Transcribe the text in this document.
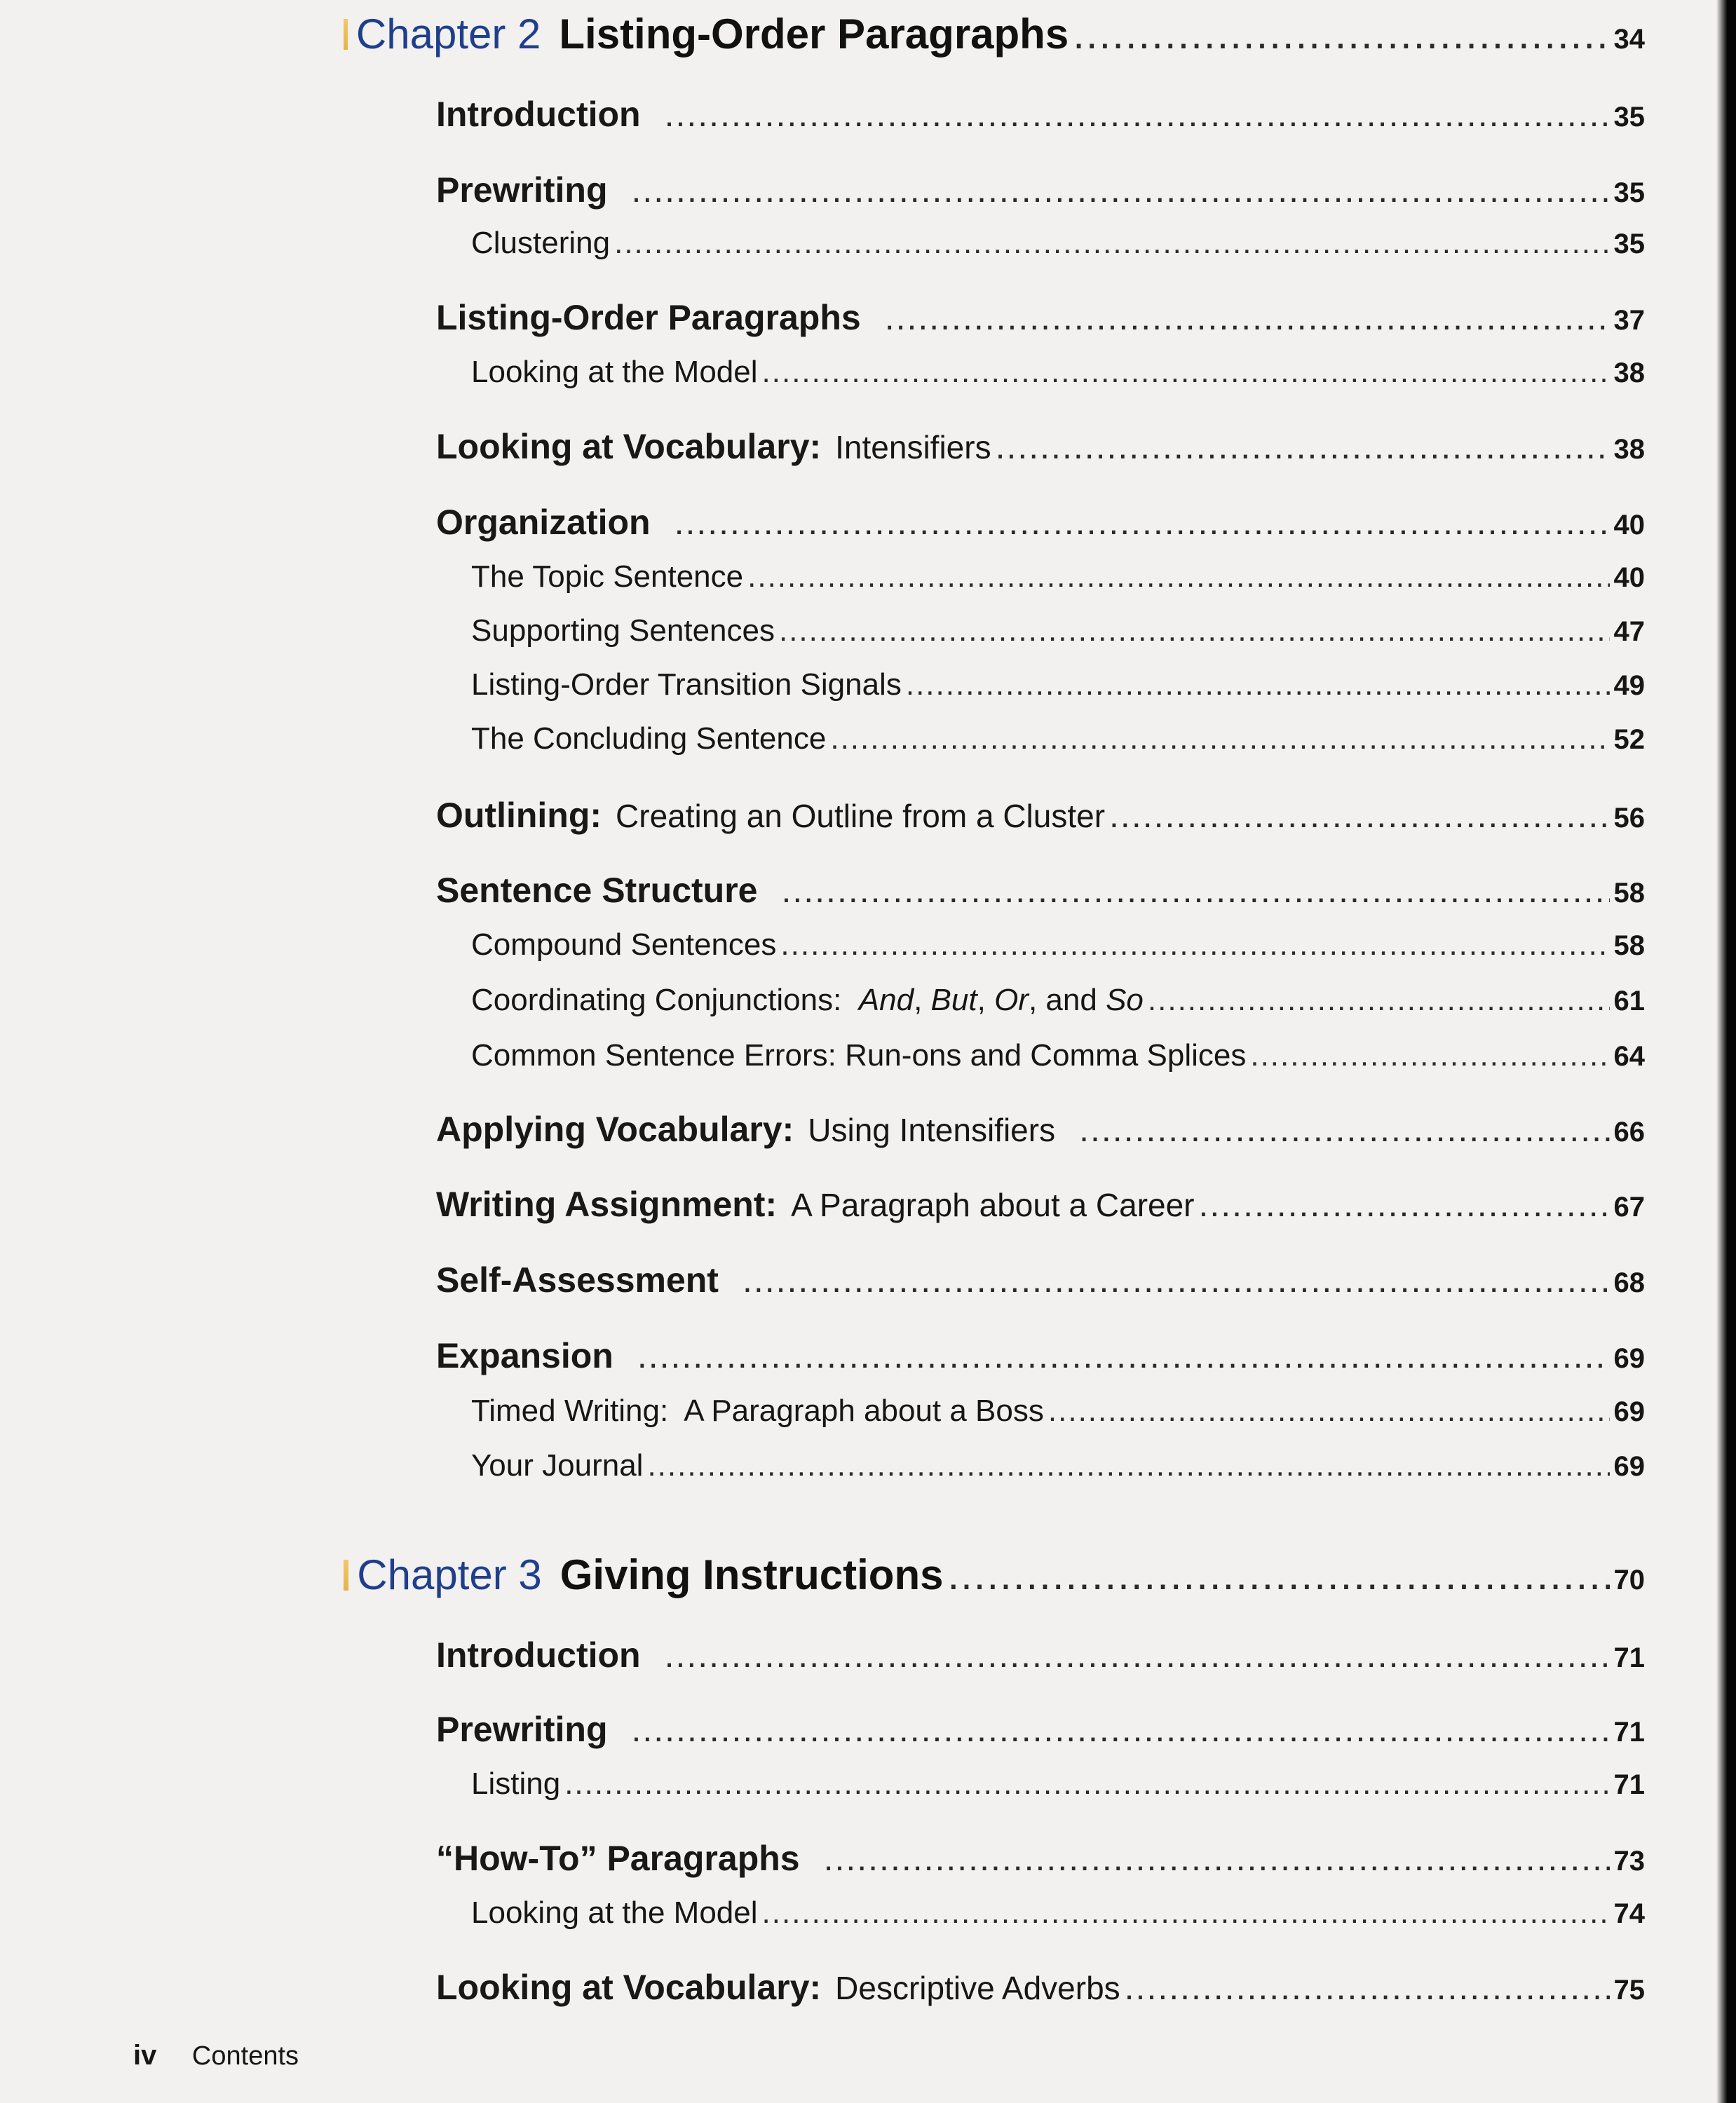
Chapter 2 Listing-Order Paragraphs .....	34
Introduction .....	35
Prewriting .....	35
Clustering .....	35
Listing-Order Paragraphs .....	37
Looking at the Model .....	38
Looking at Vocabulary: Intensifiers .....	38
Organization .....	40
The Topic Sentence .....	40
Supporting Sentences .....	47
Listing-Order Transition Signals .....	49
The Concluding Sentence .....	52
Outlining: Creating an Outline from a Cluster .....	56
Sentence Structure .....	58
Compound Sentences .....	58
Coordinating Conjunctions: And, But, Or, and So .....	61
Common Sentence Errors: Run-ons and Comma Splices .....	64
Applying Vocabulary: Using Intensifiers .....	66
Writing Assignment: A Paragraph about a Career .....	67
Self-Assessment .....	68
Expansion .....	69
Timed Writing:  A Paragraph about a Boss .....	69
Your Journal .....	69
Chapter 3 Giving Instructions .....	70
Introduction .....	71
Prewriting .....	71
Listing .....	71
“How-To” Paragraphs .....	73
Looking at the Model .....	74
Looking at Vocabulary: Descriptive Adverbs .....	75
iv Contents
